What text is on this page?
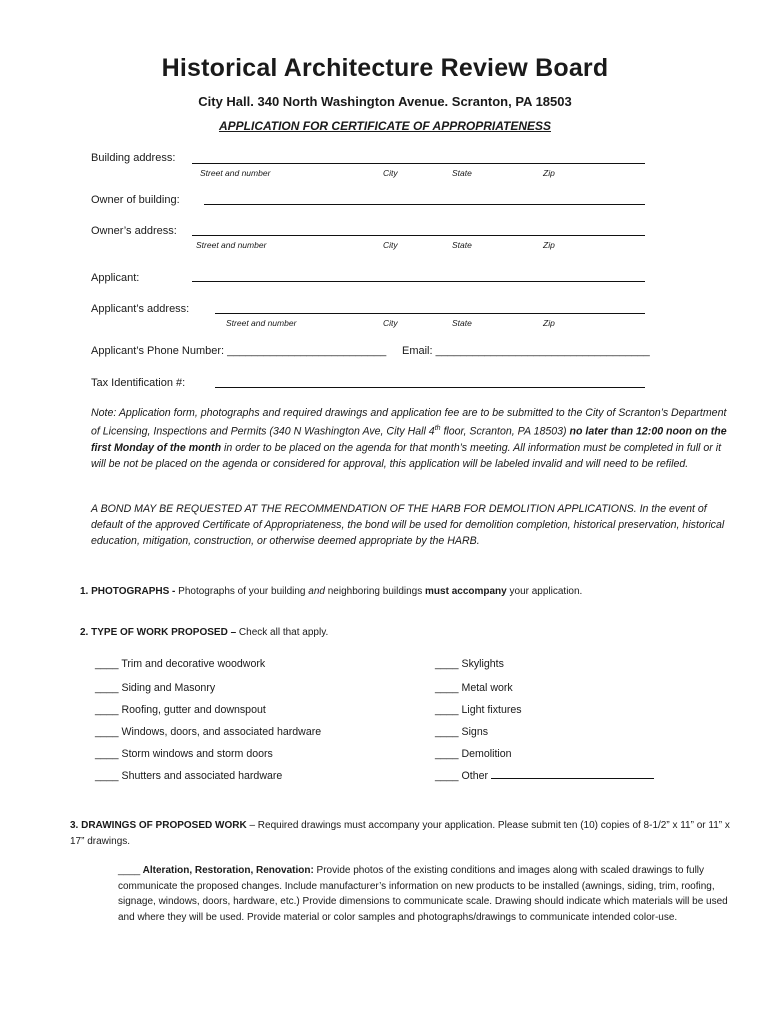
Historical Architecture Review Board
City Hall. 340 North Washington Avenue. Scranton, PA 18503
APPLICATION FOR CERTIFICATE OF APPROPRIATENESS
Building address:
Street and number	City	State	Zip
Owner of building:
Owner’s address:
Street and number	City	State	Zip
Applicant:
Applicant’s address:
Street and number	City	State	Zip
Applicant’s Phone Number: __________________________ Email: ___________________________________
Tax Identification #:
Note: Application form, photographs and required drawings and application fee are to be submitted to the City of Scranton’s Department of Licensing, Inspections and Permits (340 N Washington Ave, City Hall 4th floor, Scranton, PA 18503) no later than 12:00 noon on the first Monday of the month in order to be placed on the agenda for that month’s meeting. All information must be completed in full or it will be not be placed on the agenda or considered for approval, this application will be labeled invalid and will need to be refiled.
A BOND MAY BE REQUESTED AT THE RECOMMENDATION OF THE HARB FOR DEMOLITION APPLICATIONS. In the event of default of the approved Certificate of Appropriateness, the bond will be used for demolition completion, historical preservation, historical education, mitigation, construction, or otherwise deemed appropriate by the HARB.
1. PHOTOGRAPHS - Photographs of your building and neighboring buildings must accompany your application.
2. TYPE OF WORK PROPOSED – Check all that apply.
____ Trim and decorative woodwork
____ Siding and Masonry
____ Roofing, gutter and downspout
____ Windows, doors, and associated hardware
____ Storm windows and storm doors
____ Shutters and associated hardware
____ Skylights
____ Metal work
____ Light fixtures
____ Signs
____ Demolition
____ Other
3. DRAWINGS OF PROPOSED WORK – Required drawings must accompany your application. Please submit ten (10) copies of 8-1/2” x 11” or 11” x 17” drawings.
____ Alteration, Restoration, Renovation: Provide photos of the existing conditions and images along with scaled drawings to fully communicate the proposed changes. Include manufacturer’s information on new products to be installed (awnings, siding, trim, roofing, signage, windows, doors, hardware, etc.) Provide dimensions to communicate scale. Drawing should indicate which materials will be used and where they will be used. Provide material or color samples and photographs/drawings to communicate intended color-use.
